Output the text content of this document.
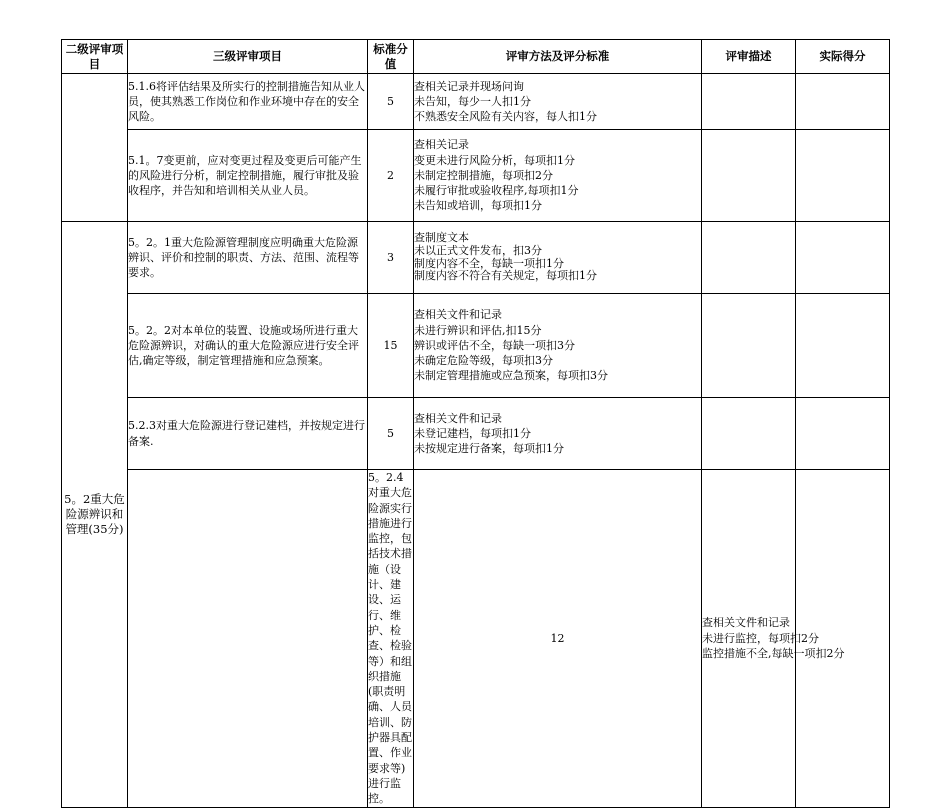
二级评审项目	三级评审项目	标准分值	评审方法及评分标准	评审描述	实际得分	
	5.1.6将评估结果及所实行的控制措施告知从业人员，使其熟悉工作岗位和作业环境中存在的安全风险。	5	查相关记录并现场问询
未告知，每少一人扣1分
不熟悉安全风险有关内容，每人扣1分			

	5.1。7变更前，应对变更过程及变更后可能产生的风险进行分析，制定控制措施，履行审批及验收程序，并告知和培训相关从业人员。	2	查相关记录
变更未进行风险分析，每项扣1分
未制定控制措施，每项扣2分
未履行审批或验收程序,每项扣1分
未告知或培训，每项扣1分			

5。2重大危险源辨识和管理(35分)	5。2。1重大危险源管理制度应明确重大危险源辨识、评价和控制的职责、方法、范围、流程等要求。	3	查制度文本
未以正式文件发布，扣3分
制度内容不全，每缺一项扣1分
制度内容不符合有关规定，每项扣1分			

	5。2。2对本单位的装置、设施或场所进行重大危险源辨识，对确认的重大危险源应进行安全评估,确定等级，制定管理措施和应急预案。	15	查相关文件和记录
未进行辨识和评估,扣15分
辨识或评估不全，每缺一项扣3分
未确定危险等级，每项扣3分
未制定管理措施或应急预案，每项扣3分			

	5.2.3对重大危险源进行登记建档，并按规定进行备案.	5	查相关文件和记录
未登记建档，每项扣1分
未按规定进行备案，每项扣1分			

		5。2.4对重大危险源实行措施进行监控，包括技术措施（设计、建设、运行、维护、检查、检验等）和组织措施(职责明确、人员培训、防护器具配置、作业要求等)进行监控。	12	查相关文件和记录
未进行监控，每项扣2分
监控措施不全,每缺一项扣2分		
